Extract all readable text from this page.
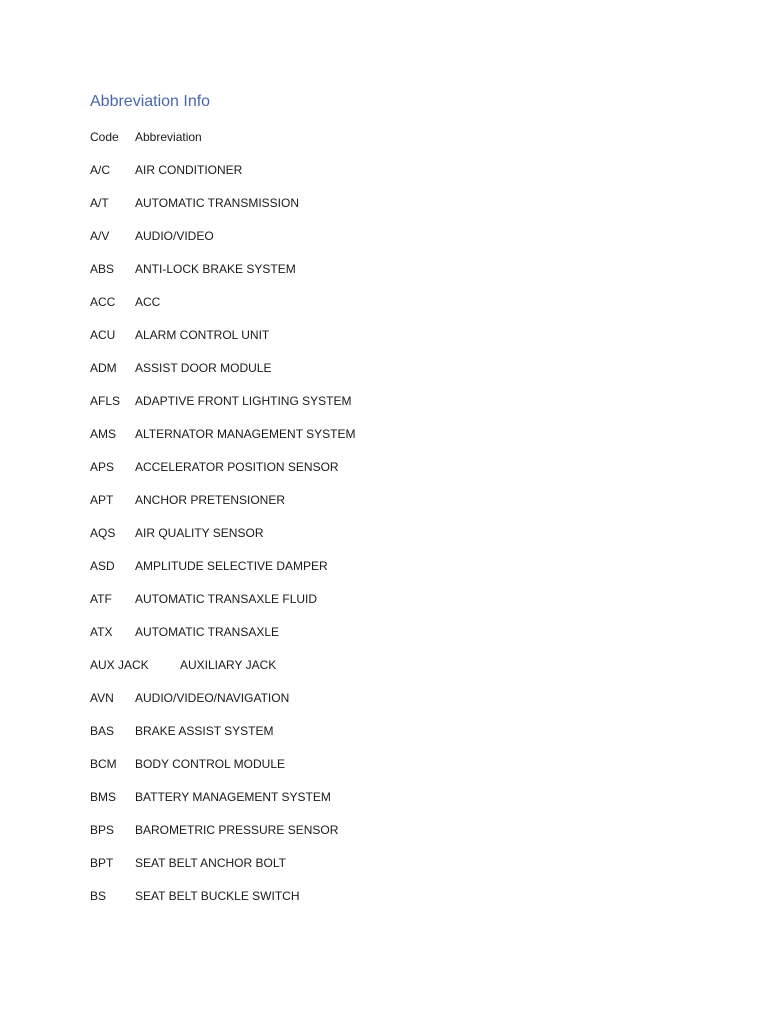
Abbreviation Info
Code Abbreviation
A/C AIR CONDITIONER
A/T AUTOMATIC TRANSMISSION
A/V AUDIO/VIDEO
ABS ANTI-LOCK BRAKE SYSTEM
ACC ACC
ACU ALARM CONTROL UNIT
ADM ASSIST DOOR MODULE
AFLS ADAPTIVE FRONT LIGHTING SYSTEM
AMS ALTERNATOR MANAGEMENT SYSTEM
APS ACCELERATOR POSITION SENSOR
APT ANCHOR PRETENSIONER
AQS AIR QUALITY SENSOR
ASD AMPLITUDE SELECTIVE DAMPER
ATF AUTOMATIC TRANSAXLE FLUID
ATX AUTOMATIC TRANSAXLE
AUX JACK	AUXILIARY JACK
AVN AUDIO/VIDEO/NAVIGATION
BAS BRAKE ASSIST SYSTEM
BCM BODY CONTROL MODULE
BMS BATTERY MANAGEMENT SYSTEM
BPS BAROMETRIC PRESSURE SENSOR
BPT SEAT BELT ANCHOR BOLT
BS SEAT BELT BUCKLE SWITCH
